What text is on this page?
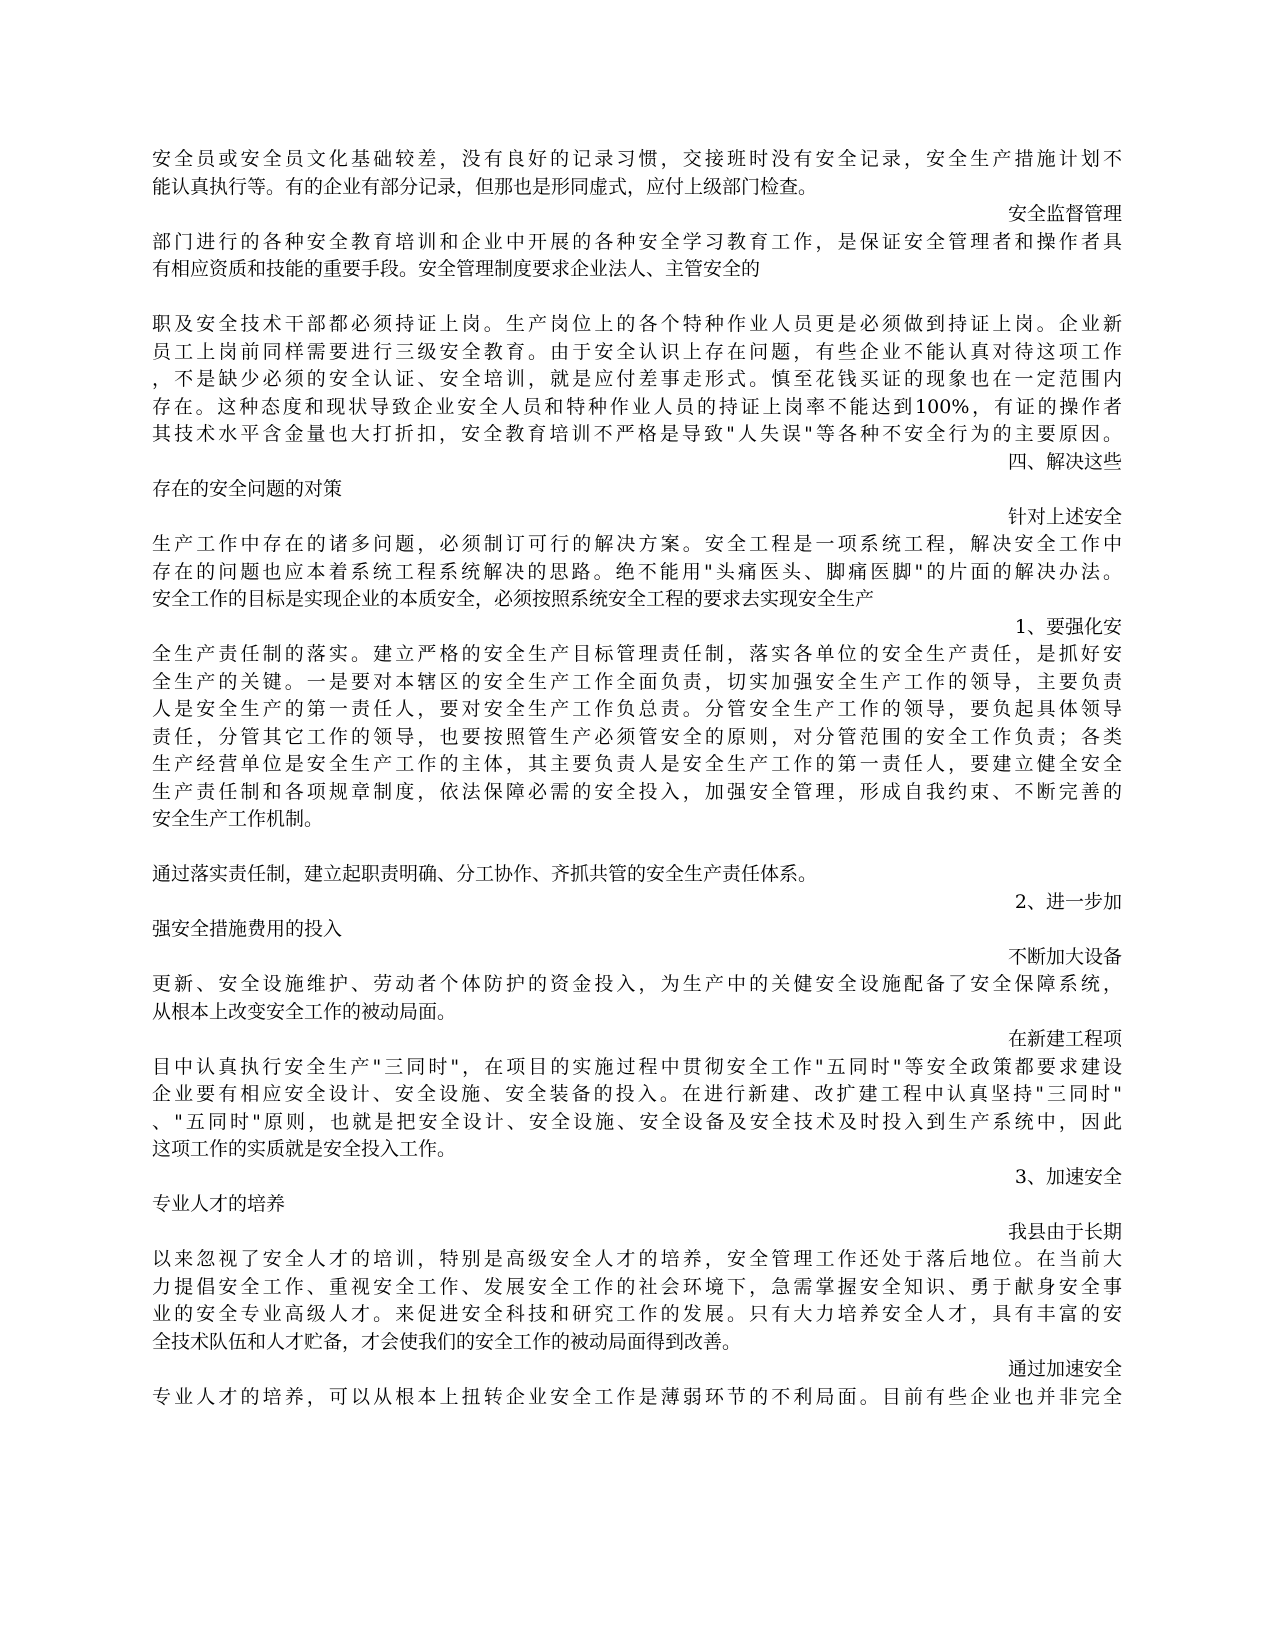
安全员或安全员文化基础较差，没有良好的记录习惯，交接班时没有安全记录，安全生产措施计划不
能认真执行等。有的企业有部分记录，但那也是形同虚式，应付上级部门检查。
安全监督管理
部门进行的各种安全教育培训和企业中开展的各种安全学习教育工作，是保证安全管理者和操作者具
有相应资质和技能的重要手段。安全管理制度要求企业法人、主管安全的
职及安全技术干部都必须持证上岗。生产岗位上的各个特种作业人员更是必须做到持证上岗。企业新
员工上岗前同样需要进行三级安全教育。由于安全认识上存在问题，有些企业不能认真对待这项工作
，不是缺少必须的安全认证、安全培训，就是应付差事走形式。慎至花钱买证的现象也在一定范围内
存在。这种态度和现状导致企业安全人员和特种作业人员的持证上岗率不能达到100%，有证的操作者
其技术水平含金量也大打折扣，安全教育培训不严格是导致"人失误"等各种不安全行为的主要原因。
四、解决这些
存在的安全问题的对策
针对上述安全
生产工作中存在的诸多问题，必须制订可行的解决方案。安全工程是一项系统工程，解决安全工作中
存在的问题也应本着系统工程系统解决的思路。绝不能用"头痛医头、脚痛医脚"的片面的解决办法。
安全工作的目标是实现企业的本质安全，必须按照系统安全工程的要求去实现安全生产
1、要强化安
全生产责任制的落实。建立严格的安全生产目标管理责任制，落实各单位的安全生产责任，是抓好安
全生产的关键。一是要对本辖区的安全生产工作全面负责，切实加强安全生产工作的领导，主要负责
人是安全生产的第一责任人，要对安全生产工作负总责。分管安全生产工作的领导，要负起具体领导
责任，分管其它工作的领导，也要按照管生产必须管安全的原则，对分管范围的安全工作负责；各类
生产经营单位是安全生产工作的主体，其主要负责人是安全生产工作的第一责任人，要建立健全安全
生产责任制和各项规章制度，依法保障必需的安全投入，加强安全管理，形成自我约束、不断完善的
安全生产工作机制。
通过落实责任制，建立起职责明确、分工协作、齐抓共管的安全生产责任体系。
2、进一步加
强安全措施费用的投入
不断加大设备
更新、安全设施维护、劳动者个体防护的资金投入，为生产中的关健安全设施配备了安全保障系统，
从根本上改变安全工作的被动局面。
在新建工程项
目中认真执行安全生产"三同时"，在项目的实施过程中贯彻安全工作"五同时"等安全政策都要求建设
企业要有相应安全设计、安全设施、安全装备的投入。在进行新建、改扩建工程中认真坚持"三同时"
、"五同时"原则，也就是把安全设计、安全设施、安全设备及安全技术及时投入到生产系统中，因此
这项工作的实质就是安全投入工作。
3、加速安全
专业人才的培养
我县由于长期
以来忽视了安全人才的培训，特别是高级安全人才的培养，安全管理工作还处于落后地位。在当前大
力提倡安全工作、重视安全工作、发展安全工作的社会环境下，急需掌握安全知识、勇于献身安全事
业的安全专业高级人才。来促进安全科技和研究工作的发展。只有大力培养安全人才，具有丰富的安
全技术队伍和人才贮备，才会使我们的安全工作的被动局面得到改善。
通过加速安全
专业人才的培养，可以从根本上扭转企业安全工作是薄弱环节的不利局面。目前有些企业也并非完全
